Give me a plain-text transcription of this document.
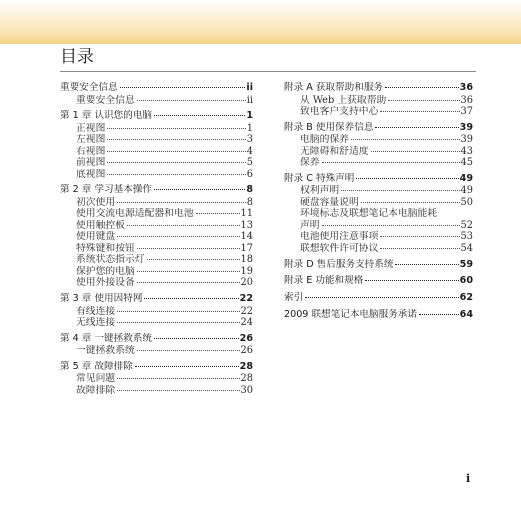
目录
重要安全信息	ii
重要安全信息	ii
第 1 章 认识您的电脑	1
正视图	1
左视图	3
右视图	4
前视图	5
底视图	6
第 2 章 学习基本操作	8
初次使用	8
使用交流电源适配器和电池	11
使用触控板	13
使用键盘	14
特殊键和按钮	17
系统状态指示灯	18
保护您的电脑	19
使用外接设备	20
第 3 章 使用因特网	22
有线连接	22
无线连接	24
第 4 章 一键拯救系统	26
一键拯救系统	26
第 5 章 故障排除	28
常见问题	28
故障排除	30
附录 A 获取帮助和服务	36
从 Web 上获取帮助	36
致电客户支持中心	37
附录 B 使用保养信息	39
电脑的保养	39
无障碍和舒适度	43
保养	45
附录 C 特殊声明	49
权利声明	49
硬盘容量说明	50
环境标志及联想笔记本电脑能耗
声明	52
电池使用注意事项	53
联想软件许可协议	54
附录 D 售后服务支持系统	59
附录 E 功能和规格	60
索引	62
2009 联想笔记本电脑服务承诺	64
i
